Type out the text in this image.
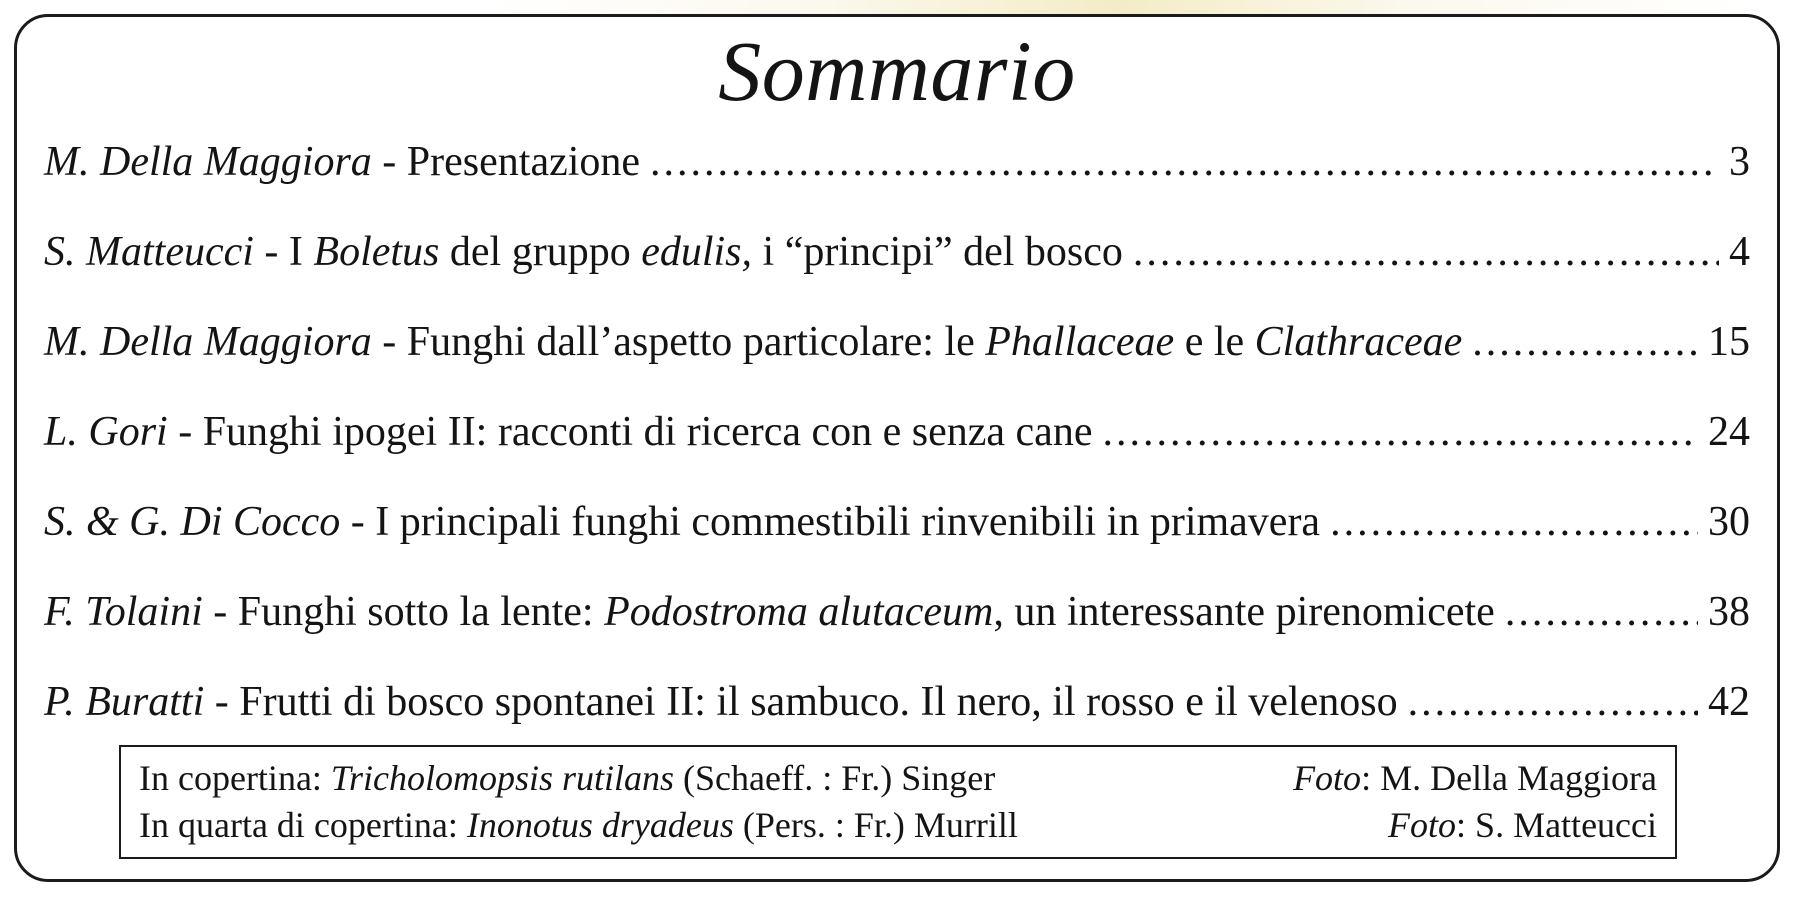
Sommario
M. Della Maggiora - Presentazione .....	3
S. Matteucci - I Boletus del gruppo edulis, i “principi” del bosco .....	4
M. Della Maggiora - Funghi dall’aspetto particolare: le Phallaceae e le Clathraceae .....	15
L. Gori - Funghi ipogei II: racconti di ricerca con e senza cane .....	24
S. & G. Di Cocco - I principali funghi commestibili rinvenibili in primavera .....	30
F. Tolaini - Funghi sotto la lente: Podostroma alutaceum, un interessante pirenomicete .....	38
P. Buratti - Frutti di bosco spontanei II: il sambuco. Il nero, il rosso e il velenoso .....	42
In copertina: Tricholomopsis rutilans (Schaeff. : Fr.) Singer	Foto: M. Della Maggiora
In quarta di copertina: Inonotus dryadeus (Pers. : Fr.) Murrill	Foto: S. Matteucci
